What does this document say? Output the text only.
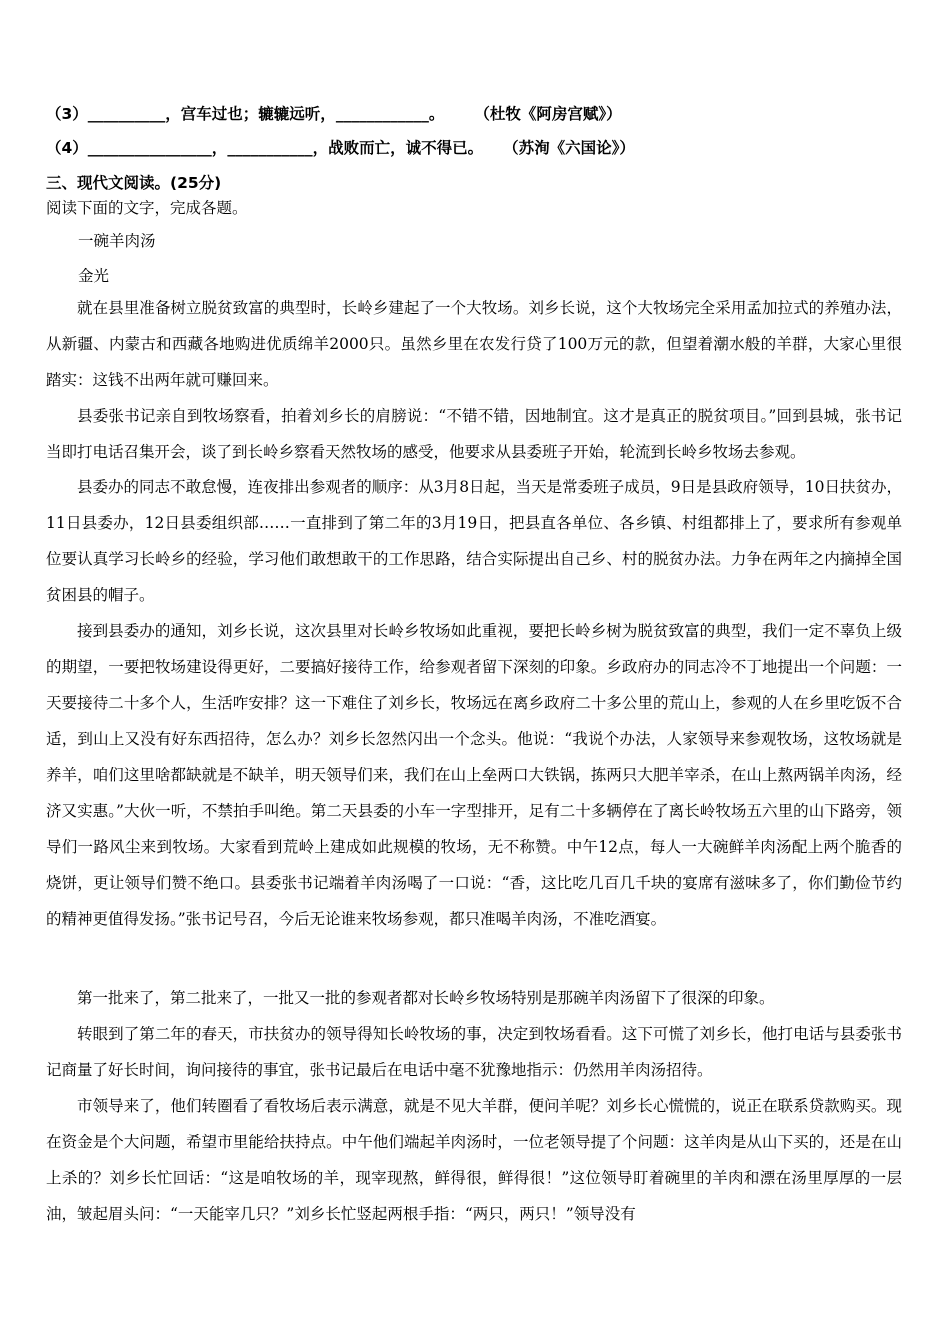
（3）__________，宫车过也；辘辘远听，____________。 （杜牧《阿房宫赋》）
（4）________________，___________，战败而亡，诚不得已。 （苏洵《六国论》）
三、现代文阅读。(25分)
阅读下面的文字，完成各题。
一碗羊肉汤
金光
就在县里准备树立脱贫致富的典型时，长岭乡建起了一个大牧场。刘乡长说，这个大牧场完全采用孟加拉式的养殖办法，从新疆、内蒙古和西藏各地购进优质绵羊2000只。虽然乡里在农发行贷了100万元的款，但望着潮水般的羊群，大家心里很踏实：这钱不出两年就可赚回来。
县委张书记亲自到牧场察看，拍着刘乡长的肩膀说：“不错不错，因地制宜。这才是真正的脱贫项目。”回到县城，张书记当即打电话召集开会，谈了到长岭乡察看天然牧场的感受，他要求从县委班子开始，轮流到长岭乡牧场去参观。
县委办的同志不敢怠慢，连夜排出参观者的顺序：从3月8日起，当天是常委班子成员，9日是县政府领导，10日扶贫办，11日县委办，12日县委组织部……一直排到了第二年的3月19日，把县直各单位、各乡镇、村组都排上了，要求所有参观单位要认真学习长岭乡的经验，学习他们敢想敢干的工作思路，结合实际提出自己乡、村的脱贫办法。力争在两年之内摘掉全国贫困县的帽子。
接到县委办的通知，刘乡长说，这次县里对长岭乡牧场如此重视，要把长岭乡树为脱贫致富的典型，我们一定不辜负上级的期望，一要把牧场建设得更好，二要搞好接待工作，给参观者留下深刻的印象。乡政府办的同志冷不丁地提出一个问题：一天要接待二十多个人，生活咋安排？这一下难住了刘乡长，牧场远在离乡政府二十多公里的荒山上，参观的人在乡里吃饭不合适，到山上又没有好东西招待，怎么办？刘乡长忽然闪出一个念头。他说：“我说个办法，人家领导来参观牧场，这牧场就是养羊，咱们这里啥都缺就是不缺羊，明天领导们来，我们在山上垒两口大铁锅，拣两只大肥羊宰杀，在山上熬两锅羊肉汤，经济又实惠。”大伙一听，不禁拍手叫绝。第二天县委的小车一字型排开，足有二十多辆停在了离长岭牧场五六里的山下路旁，领导们一路风尘来到牧场。大家看到荒岭上建成如此规模的牧场，无不称赞。中午12点，每人一大碗鲜羊肉汤配上两个脆香的烧饼，更让领导们赞不绝口。县委张书记端着羊肉汤喝了一口说：“香，这比吃几百几千块的宴席有滋味多了，你们勤俭节约的精神更值得发扬。”张书记号召，今后无论谁来牧场参观，都只准喝羊肉汤，不准吃酒宴。
第一批来了，第二批来了，一批又一批的参观者都对长岭乡牧场特别是那碗羊肉汤留下了很深的印象。
转眼到了第二年的春天，市扶贫办的领导得知长岭牧场的事，决定到牧场看看。这下可慌了刘乡长，他打电话与县委张书记商量了好长时间，询问接待的事宜，张书记最后在电话中毫不犹豫地指示：仍然用羊肉汤招待。
市领导来了，他们转圈看了看牧场后表示满意，就是不见大羊群，便问羊呢？刘乡长心慌慌的，说正在联系贷款购买。现在资金是个大问题，希望市里能给扶持点。中午他们端起羊肉汤时，一位老领导提了个问题：这羊肉是从山下买的，还是在山上杀的？刘乡长忙回话：“这是咱牧场的羊，现宰现熬，鲜得很，鲜得很！”这位领导盯着碗里的羊肉和漂在汤里厚厚的一层油，皱起眉头问：“一天能宰几只？”刘乡长忙竖起两根手指：“两只，两只！”领导没有
